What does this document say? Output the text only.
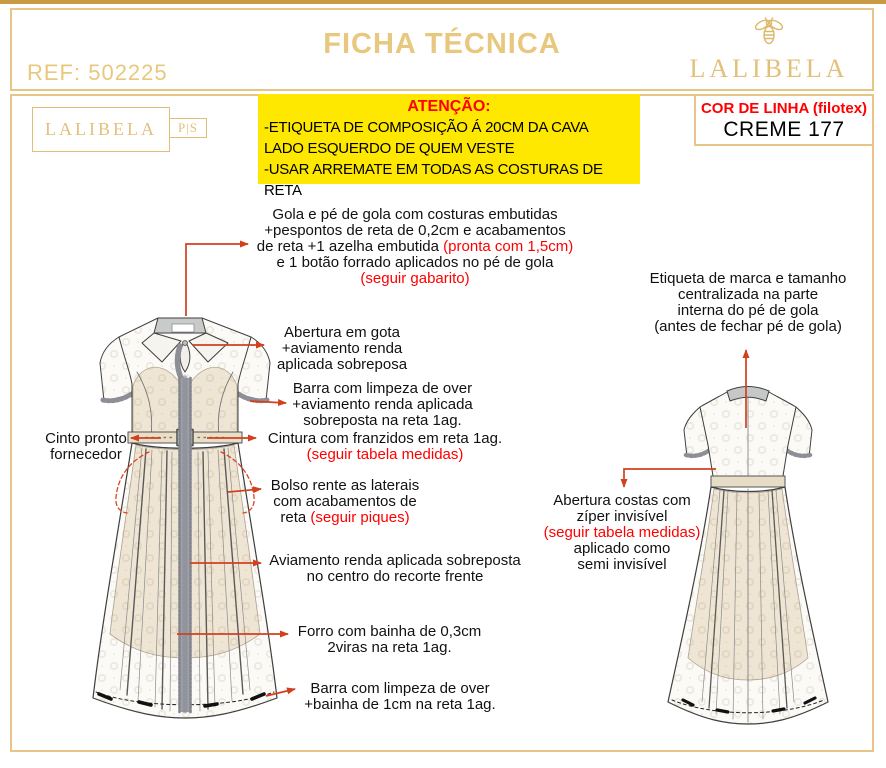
FICHA TÉCNICA
REF: 502225	LALIBELA
LALIBELA P|S
ATENÇÃO:
-ETIQUETA DE COMPOSIÇÃO Á 20CM DA CAVA
LADO ESQUERDO DE QUEM VESTE
-USAR ARREMATE EM TODAS AS COSTURAS DE RETA
COR DE LINHA (filotex)
CREME 177
Gola e pé de gola com costuras embutidas
+pespontos de reta de 0,2cm e acabamentos
de reta +1 azelha embutida (pronta com 1,5cm)
e 1 botão forrado aplicados no pé de gola
(seguir gabarito)
Abertura em gota
+aviamento renda
aplicada sobreposa
Barra com limpeza de over
+aviamento renda aplicada
sobreposta na reta 1ag.
Cintura com franzidos em reta 1ag.
(seguir tabela medidas)
Bolso rente as laterais
com acabamentos de
reta (seguir piques)
Aviamento renda aplicada sobreposta
no centro do recorte frente
Forro com bainha de 0,3cm
2viras na reta 1ag.
Barra com limpeza de over
+bainha de 1cm na reta 1ag.
Cinto pronto
fornecedor
Etiqueta de marca e tamanho
centralizada na parte
interna do pé de gola
(antes de fechar pé de gola)
Abertura costas com
zíper invisível
(seguir tabela medidas)
aplicado como
semi invisível
